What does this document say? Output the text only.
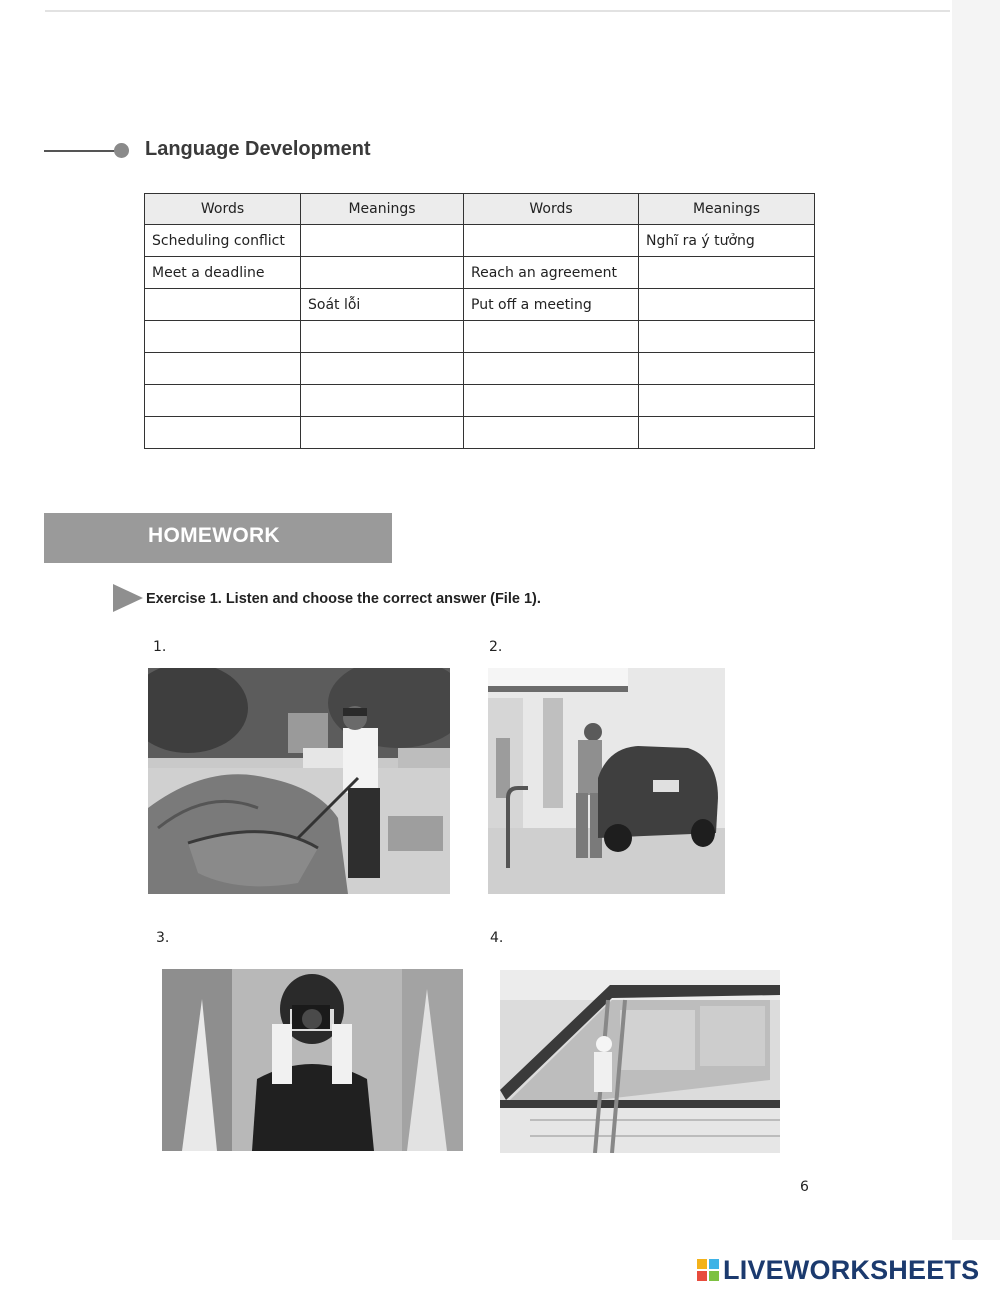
Language Development
Words	Meanings	Words	Meanings
Scheduling conflict			Nghĩ ra ý tưởng
Meet a deadline		Reach an agreement	
	Soát lỗi	Put off a meeting	

HOMEWORK
Exercise 1. Listen and choose the correct answer (File 1).
1.	2.
3.	4.
6
LIVEWORKSHEETS
